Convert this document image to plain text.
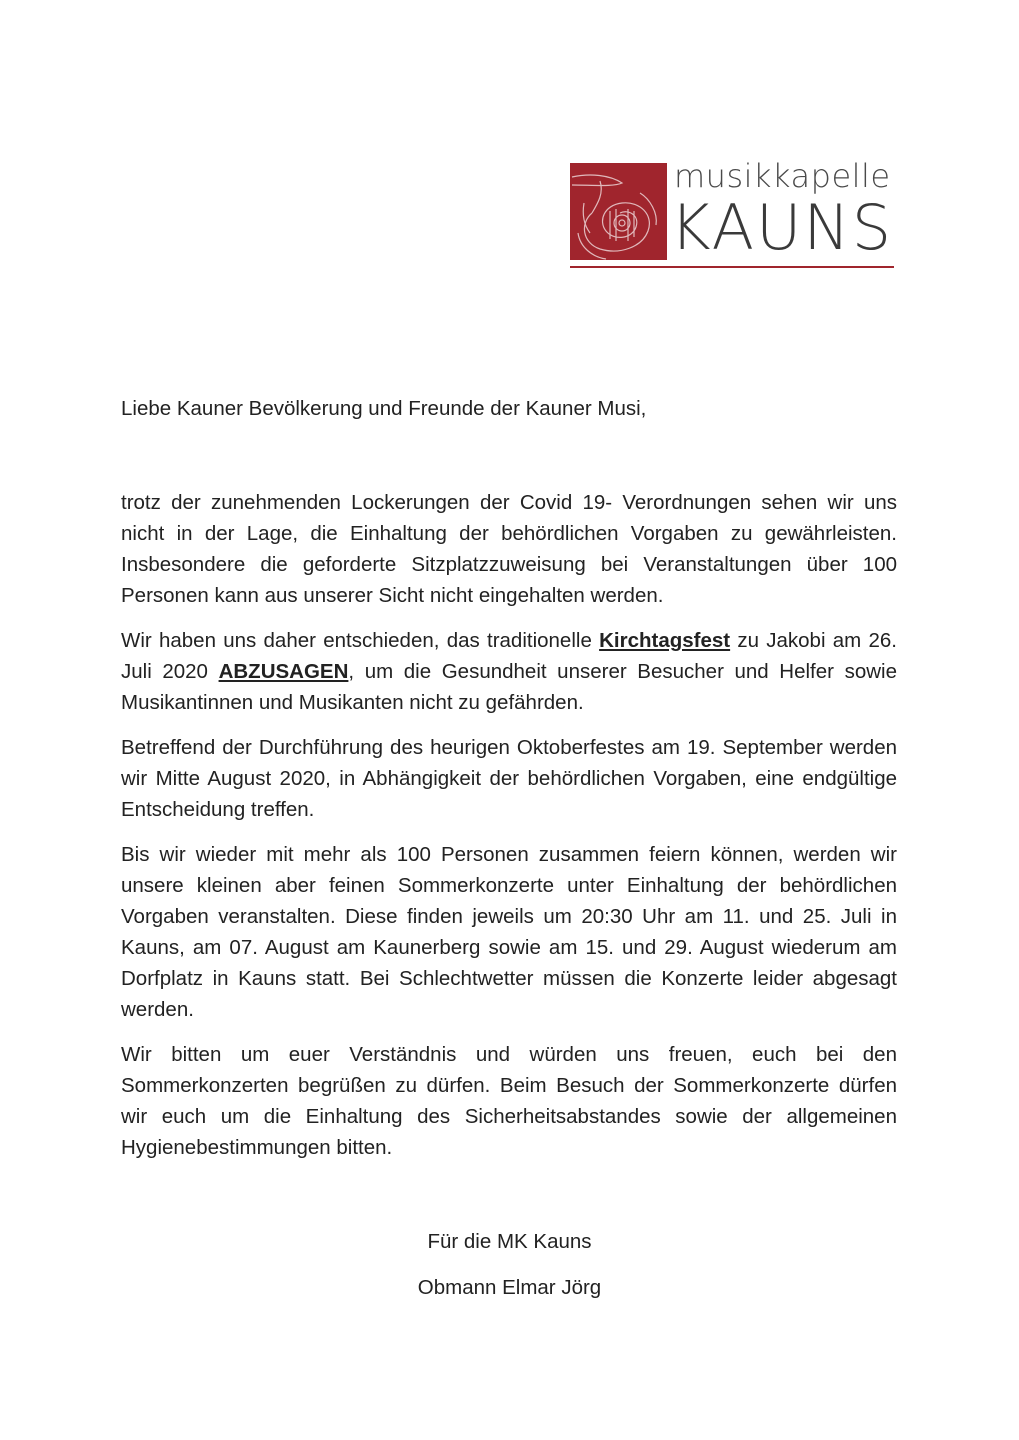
musikkapelle
KAUNS

Liebe Kauner Bevölkerung und Freunde der Kauner Musi,

trotz der zunehmenden Lockerungen der Covid 19- Verordnungen sehen wir uns nicht in der Lage, die Einhaltung der behördlichen Vorgaben zu gewährleisten. Insbesondere die geforderte Sitzplatzzuweisung bei Veranstaltungen über 100 Personen kann aus unserer Sicht nicht eingehalten werden.

Wir haben uns daher entschieden, das traditionelle Kirchtagsfest zu Jakobi am 26. Juli 2020 ABZUSAGEN, um die Gesundheit unserer Besucher und Helfer sowie Musikantinnen und Musikanten nicht zu gefährden.

Betreffend der Durchführung des heurigen Oktoberfestes am 19. September werden wir Mitte August 2020, in Abhängigkeit der behördlichen Vorgaben, eine endgültige Entscheidung treffen.

Bis wir wieder mit mehr als 100 Personen zusammen feiern können, werden wir unsere kleinen aber feinen Sommerkonzerte unter Einhaltung der behördlichen Vorgaben veranstalten. Diese finden jeweils um 20:30 Uhr am 11. und 25. Juli in Kauns, am 07. August am Kaunerberg sowie am 15. und 29. August wiederum am Dorfplatz in Kauns statt. Bei Schlechtwetter müssen die Konzerte leider abgesagt werden.

Wir bitten um euer Verständnis und würden uns freuen, euch bei den Sommerkonzerten begrüßen zu dürfen. Beim Besuch der Sommerkonzerte dürfen wir euch um die Einhaltung des Sicherheitsabstandes sowie der allgemeinen Hygienebestimmungen bitten.

Für die MK Kauns
Obmann Elmar Jörg
